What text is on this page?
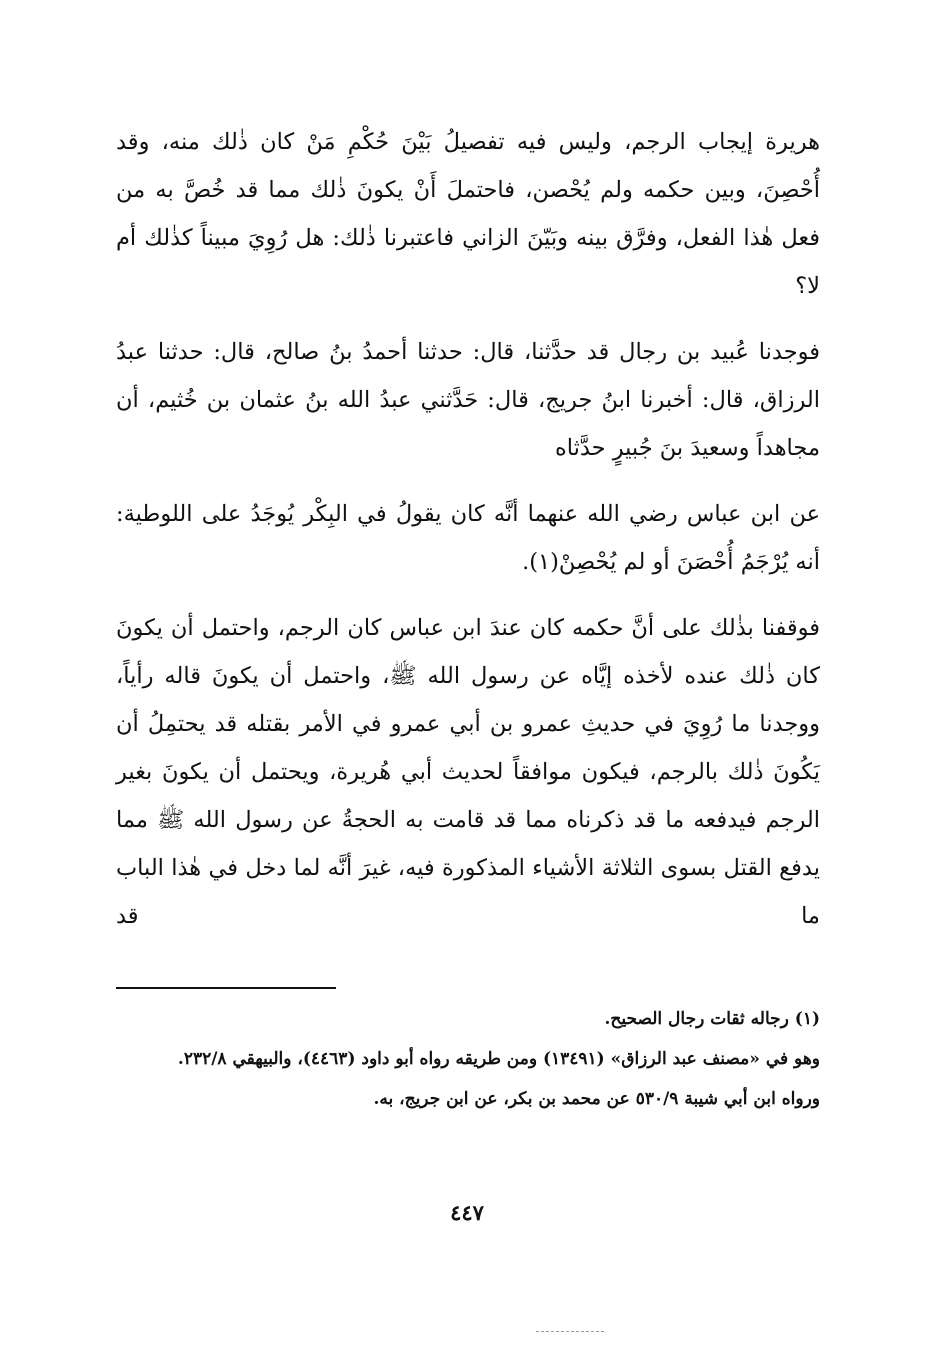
هريرة إيجاب الرجم، وليس فيه تفصيلُ بَيْنَ حُكْمِ مَنْ كان ذٰلك منه، وقد أُحْصِنَ، وبين حكمه ولم يُحْصن، فاحتملَ أَنْ يكونَ ذٰلك مما قد خُصَّ به من فعل هٰذا الفعل، وفرَّق بينه وبَيّنَ الزاني فاعتبرنا ذٰلك: هل رُوِيَ مبيناً كذٰلك أم لا؟

فوجدنا عُبيد بن رجال قد حدَّثنا، قال: حدثنا أحمدُ بنُ صالح، قال: حدثنا عبدُ الرزاق، قال: أخبرنا ابنُ جريج، قال: حَدَّثني عبدُ الله بنُ عثمان بن خُثيم، أن مجاهداً وسعيدَ بنَ جُبيرٍ حدَّثاه

عن ابن عباس رضي الله عنهما أنَّه كان يقولُ في البِكْر يُوجَدُ على اللوطية: أنه يُرْجَمُ أُحْصَنَ أو لم يُحْصِنْ(١).

فوقفنا بذٰلك على أنَّ حكمه كان عندَ ابن عباس كان الرجم، واحتمل أن يكونَ كان ذٰلك عنده لأخذه إيَّاه عن رسول الله ﷺ، واحتمل أن يكونَ قاله رأياً، ووجدنا ما رُوِيَ في حديثِ عمرو بن أبي عمرو في الأمر بقتله قد يحتمِلُ أن يَكُونَ ذٰلك بالرجم، فيكون موافقاً لحديث أبي هُريرة، ويحتمل أن يكونَ بغير الرجم فيدفعه ما قد ذكرناه مما قد قامت به الحجةُ عن رسول الله ﷺ مما يدفع القتل بسوى الثلاثة الأشياء المذكورة فيه، غيرَ أنَّه لما دخل في هٰذا الباب ما قد

(١) رجاله ثقات رجال الصحيح.

وهو في «مصنف عبد الرزاق» (١٣٤٩١) ومن طريقه رواه أبو داود (٤٤٦٣)، والبيهقي ٢٣٢/٨.

ورواه ابن أبي شيبة ٥٣٠/٩ عن محمد بن بكر، عن ابن جريج، به.

٤٤٧
